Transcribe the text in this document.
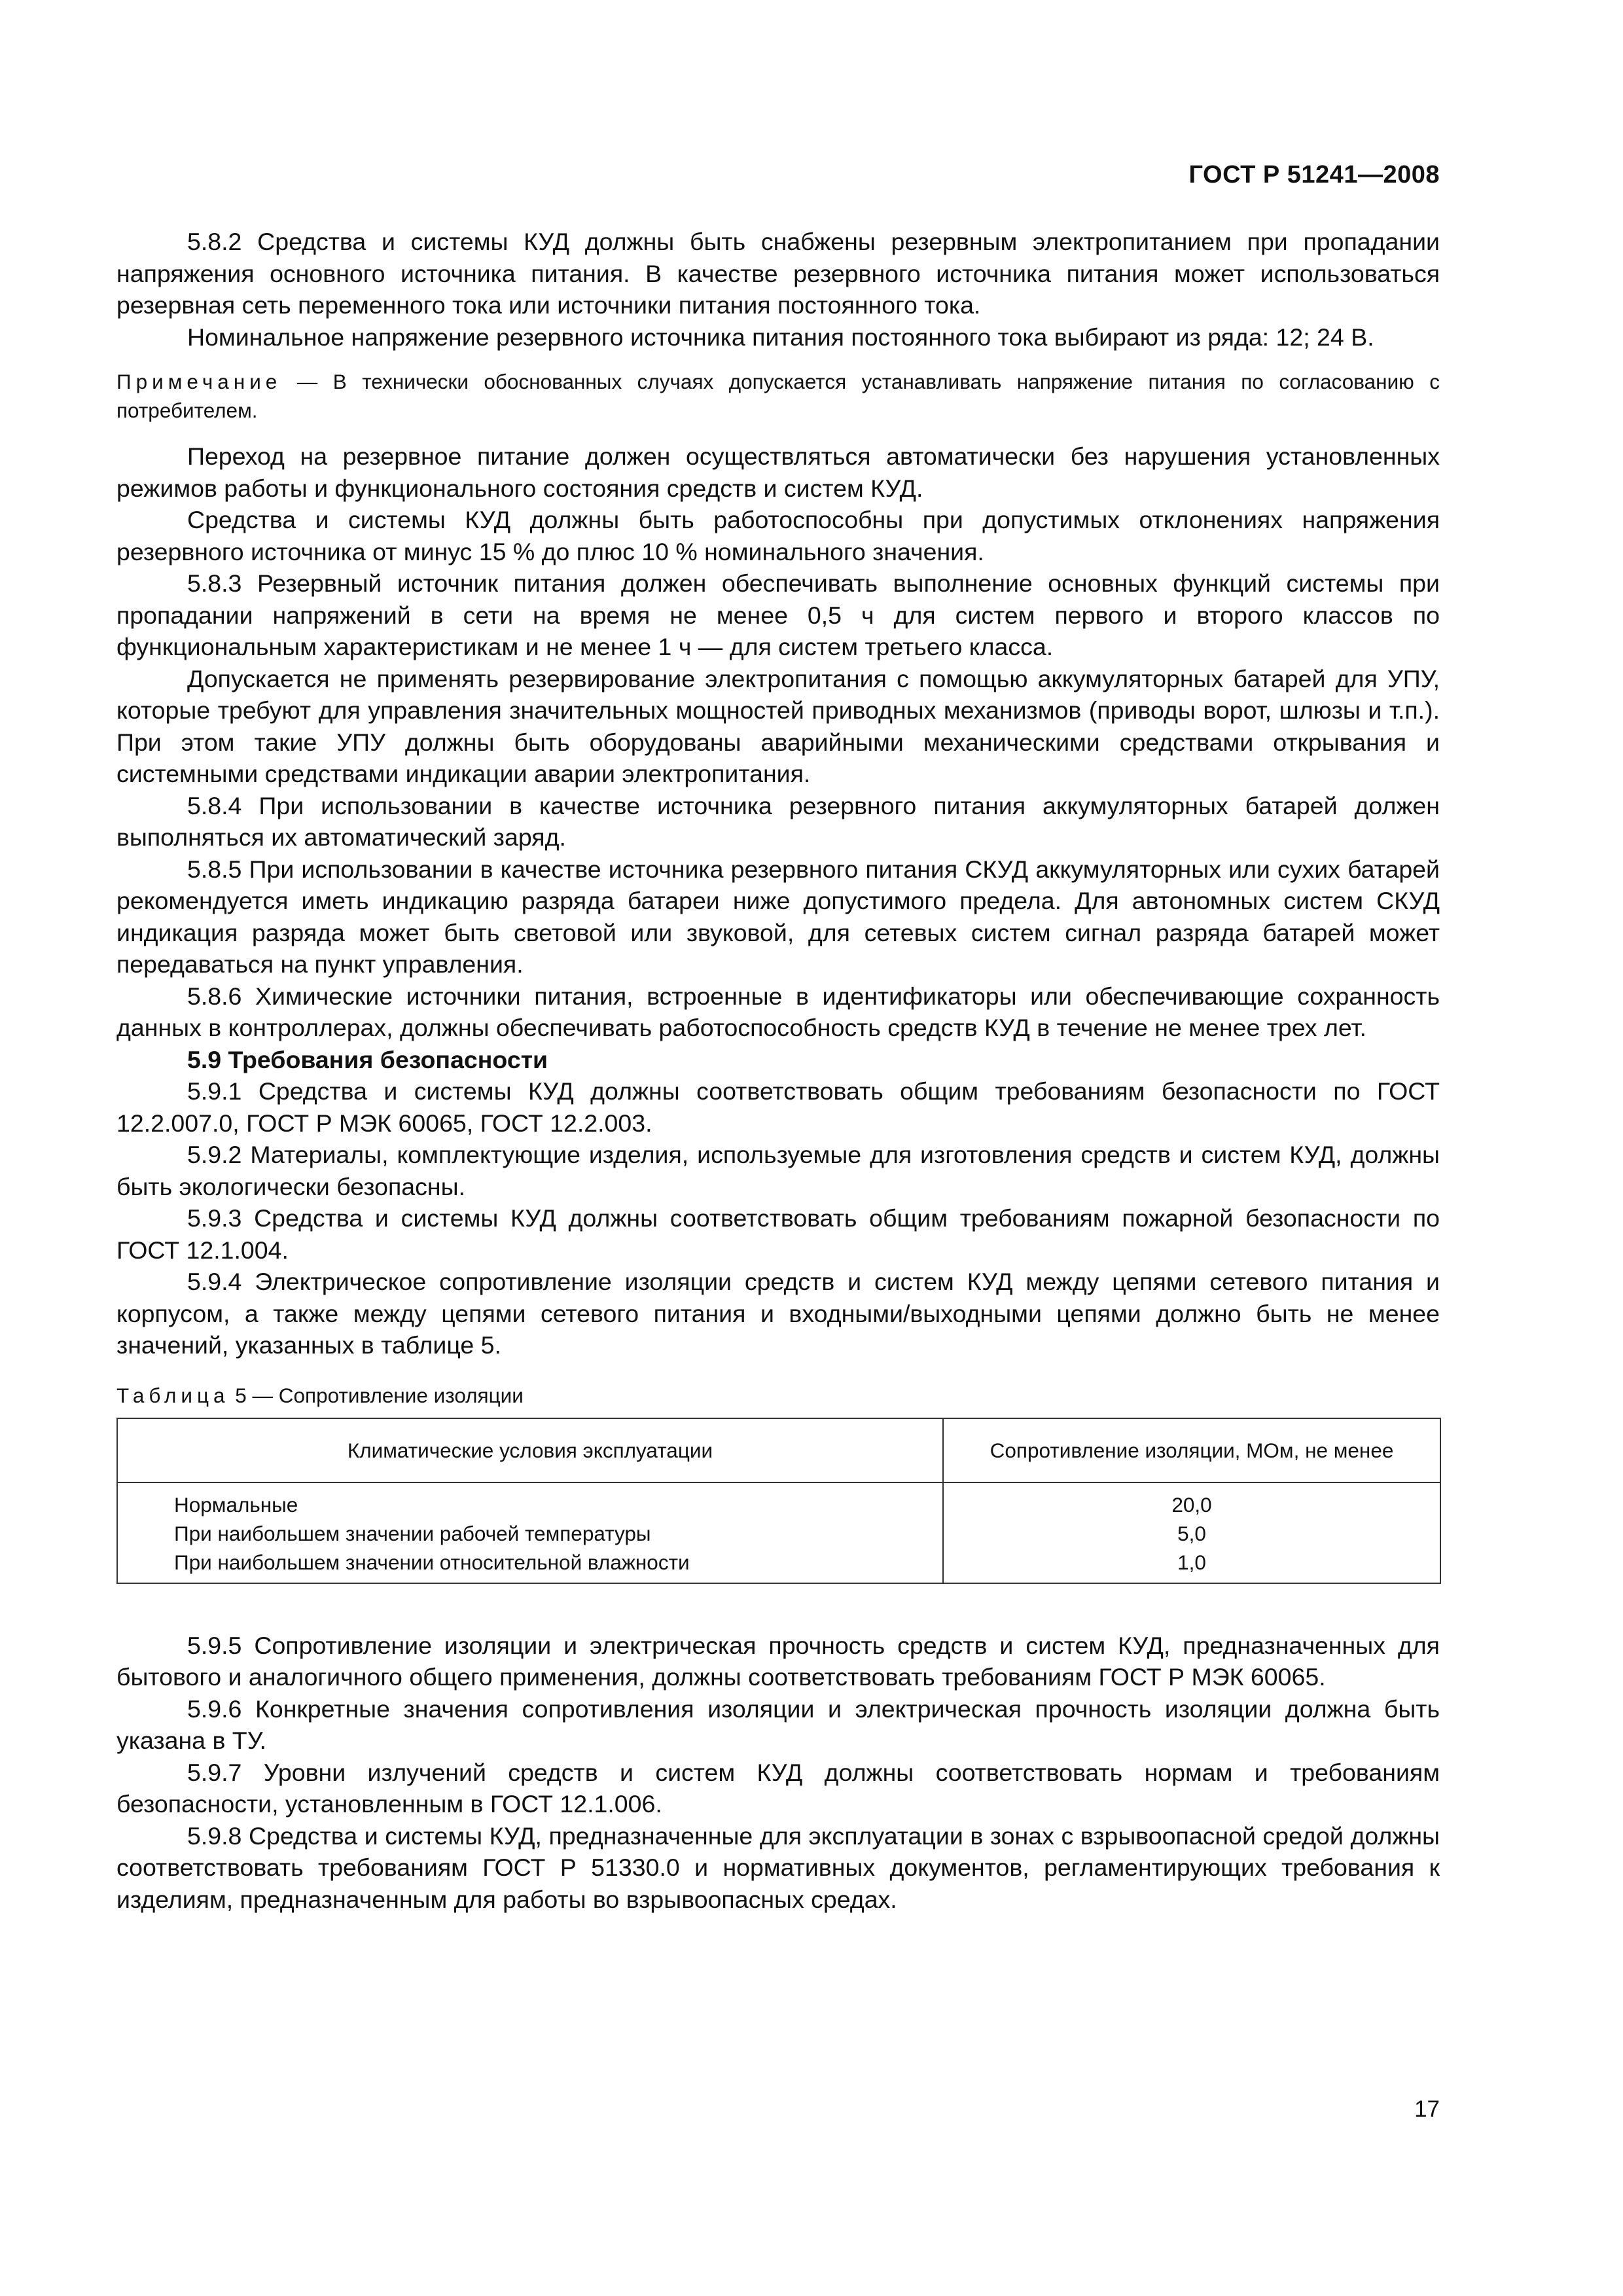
ГОСТ Р 51241—2008

5.8.2 Средства и системы КУД должны быть снабжены резервным электропитанием при пропадании напряжения основного источника питания. В качестве резервного источника питания может использоваться резервная сеть переменного тока или источники питания постоянного тока.

Номинальное напряжение резервного источника питания постоянного тока выбирают из ряда: 12; 24 В.

Примечание — В технически обоснованных случаях допускается устанавливать напряжение питания по согласованию с потребителем.

Переход на резервное питание должен осуществляться автоматически без нарушения установленных режимов работы и функционального состояния средств и систем КУД.

Средства и системы КУД должны быть работоспособны при допустимых отклонениях напряжения резервного источника от минус 15 % до плюс 10 % номинального значения.

5.8.3 Резервный источник питания должен обеспечивать выполнение основных функций системы при пропадании напряжений в сети на время не менее 0,5 ч для систем первого и второго классов по функциональным характеристикам и не менее 1 ч — для систем третьего класса.

Допускается не применять резервирование электропитания с помощью аккумуляторных батарей для УПУ, которые требуют для управления значительных мощностей приводных механизмов (приводы ворот, шлюзы и т.п.). При этом такие УПУ должны быть оборудованы аварийными механическими средствами открывания и системными средствами индикации аварии электропитания.

5.8.4 При использовании в качестве источника резервного питания аккумуляторных батарей должен выполняться их автоматический заряд.

5.8.5 При использовании в качестве источника резервного питания СКУД аккумуляторных или сухих батарей рекомендуется иметь индикацию разряда батареи ниже допустимого предела. Для автономных систем СКУД индикация разряда может быть световой или звуковой, для сетевых систем сигнал разряда батарей может передаваться на пункт управления.

5.8.6 Химические источники питания, встроенные в идентификаторы или обеспечивающие сохранность данных в контроллерах, должны обеспечивать работоспособность средств КУД в течение не менее трех лет.

5.9 Требования безопасности

5.9.1 Средства и системы КУД должны соответствовать общим требованиям безопасности по ГОСТ 12.2.007.0, ГОСТ Р МЭК 60065, ГОСТ 12.2.003.

5.9.2 Материалы, комплектующие изделия, используемые для изготовления средств и систем КУД, должны быть экологически безопасны.

5.9.3 Средства и системы КУД должны соответствовать общим требованиям пожарной безопасности по ГОСТ 12.1.004.

5.9.4 Электрическое сопротивление изоляции средств и систем КУД между цепями сетевого питания и корпусом, а также между цепями сетевого питания и входными/выходными цепями должно быть не менее значений, указанных в таблице 5.

Таблица 5 — Сопротивление изоляции
Климатические условия эксплуатации	Сопротивление изоляции, МОм, не менее
Нормальные	20,0
При наибольшем значении рабочей температуры	5,0
При наибольшем значении относительной влажности	1,0

5.9.5 Сопротивление изоляции и электрическая прочность средств и систем КУД, предназначенных для бытового и аналогичного общего применения, должны соответствовать требованиям ГОСТ Р МЭК 60065.

5.9.6 Конкретные значения сопротивления изоляции и электрическая прочность изоляции должна быть указана в ТУ.

5.9.7 Уровни излучений средств и систем КУД должны соответствовать нормам и требованиям безопасности, установленным в ГОСТ 12.1.006.

5.9.8 Средства и системы КУД, предназначенные для эксплуатации в зонах с взрывоопасной средой должны соответствовать требованиям ГОСТ Р 51330.0 и нормативных документов, регламентирующих требования к изделиям, предназначенным для работы во взрывоопасных средах.

17
